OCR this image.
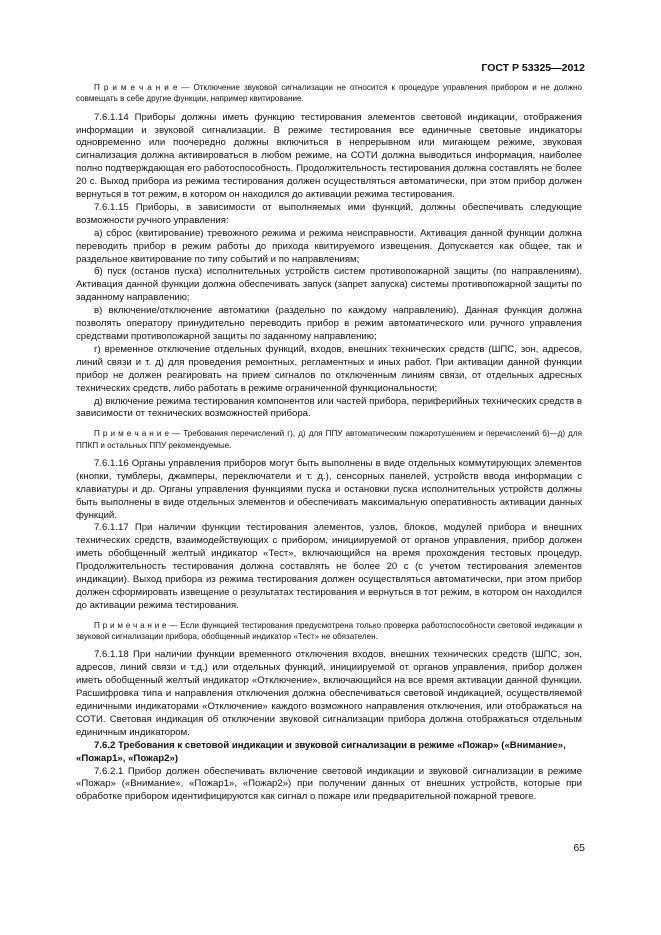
ГОСТ Р 53325—2012

П р и м е ч а н и е — Отключение звуковой сигнализации не относится к процедуре управления прибором и не должно совмещать в себе другие функции, например квитирование.

7.6.1.14 Приборы должны иметь функцию тестирования элементов световой индикации, отображения информации и звуковой сигнализации. В режиме тестирования все единичные световые индикаторы одновременно или поочередно должны включиться в непрерывном или мигающем режиме, звуковая сигнализация должна активироваться в любом режиме, на СОТИ должна выводиться информация, наиболее полно подтверждающая его работоспособность. Продолжительность тестирования должна составлять не более 20 с. Выход прибора из режима тестирования должен осуществляться автоматически, при этом прибор должен вернуться в тот режим, в котором он находился до активации режима тестирования.

7.6.1.15 Приборы, в зависимости от выполняемых ими функций, должны обеспечивать следующие возможности ручного управления:

а) сброс (квитирование) тревожного режима и режима неисправности. Активация данной функции должна переводить прибор в режим работы до прихода квитируемого извещения. Допускается как общее, так и раздельное квитирование по типу событий и по направлениям;

б) пуск (останов пуска) исполнительных устройств систем противопожарной защиты (по направлениям). Активация данной функции должна обеспечивать запуск (запрет запуска) системы противопожарной защиты по заданному направлению;

в) включение/отключение автоматики (раздельно по каждому направлению). Данная функция должна позволять оператору принудительно переводить прибор в режим автоматического или ручного управления средствами противопожарной защиты по заданному направлению;

г) временное отключение отдельных функций, входов, внешних технических средств (ШПС, зон, адресов, линий связи и т. д) для проведения ремонтных, регламентных и иных работ. При активации данной функции прибор не должен реагировать на прием сигналов по отключенным линиям связи, от отдельных адресных технических средств, либо работать в режиме ограниченной функциональности;

д) включение режима тестирования компонентов или частей прибора, периферийных технических средств в зависимости от технических возможностей прибора.

П р и м е ч а н и е — Требования перечислений г), д) для ППУ автоматическим пожаротушением и перечислений б)—д) для ППКП и остальных ППУ рекомендуемые.

7.6.1.16 Органы управления приборов могут быть выполнены в виде отдельных коммутирующих элементов (кнопки, тумблеры, джамперы, переключатели и т. д.), сенсорных панелей, устройств ввода информации с клавиатуры и др. Органы управления функциями пуска и остановки пуска исполнительных устройств должны быть выполнены в виде отдельных элементов и обеспечивать максимальную оперативность активации данных функций.

7.6.1.17 При наличии функции тестирования элементов, узлов, блоков, модулей прибора и внешних технических средств, взаимодействующих с прибором, инициируемой от органов управления, прибор должен иметь обобщенный желтый индикатор «Тест», включающийся на время прохождения тестовых процедур. Продолжительность тестирования должна составлять не более 20 с (с учетом тестирования элементов индикации). Выход прибора из режима тестирования должен осуществляться автоматически, при этом прибор должен сформировать извещение о результатах тестирования и вернуться в тот режим, в котором он находился до активации режима тестирования.

П р и м е ч а н и е — Если функцией тестирования предусмотрена только проверка работоспособности световой индикации и звуковой сигнализации прибора, обобщенный индикатор «Тест» не обязателен.

7.6.1.18 При наличии функции временного отключения входов, внешних технических средств (ШПС, зон, адресов, линий связи и т.д.) или отдельных функций, инициируемой от органов управления, прибор должен иметь обобщенный желтый индикатор «Отключение», включающийся на все время активации данной функции. Расшифровка типа и направления отключения должна обеспечиваться световой индикацией, осуществляемой единичными индикаторами «Отключение» каждого возможного направления отключения, или отображаться на СОТИ. Световая индикация об отключении звуковой сигнализации прибора должна отображаться отдельным единичным индикатором.

7.6.2 Требования к световой индикации и звуковой сигнализации в режиме «Пожар» («Внимание», «Пожар1», «Пожар2»)

7.6.2.1 Прибор должен обеспечивать включение световой индикации и звуковой сигнализации в режиме «Пожар» («Внимание», «Пожар1», «Пожар2») при получении данных от внешних устройств, которые при обработке прибором идентифицируются как сигнал о пожаре или предварительной пожарной тревоге.

65
